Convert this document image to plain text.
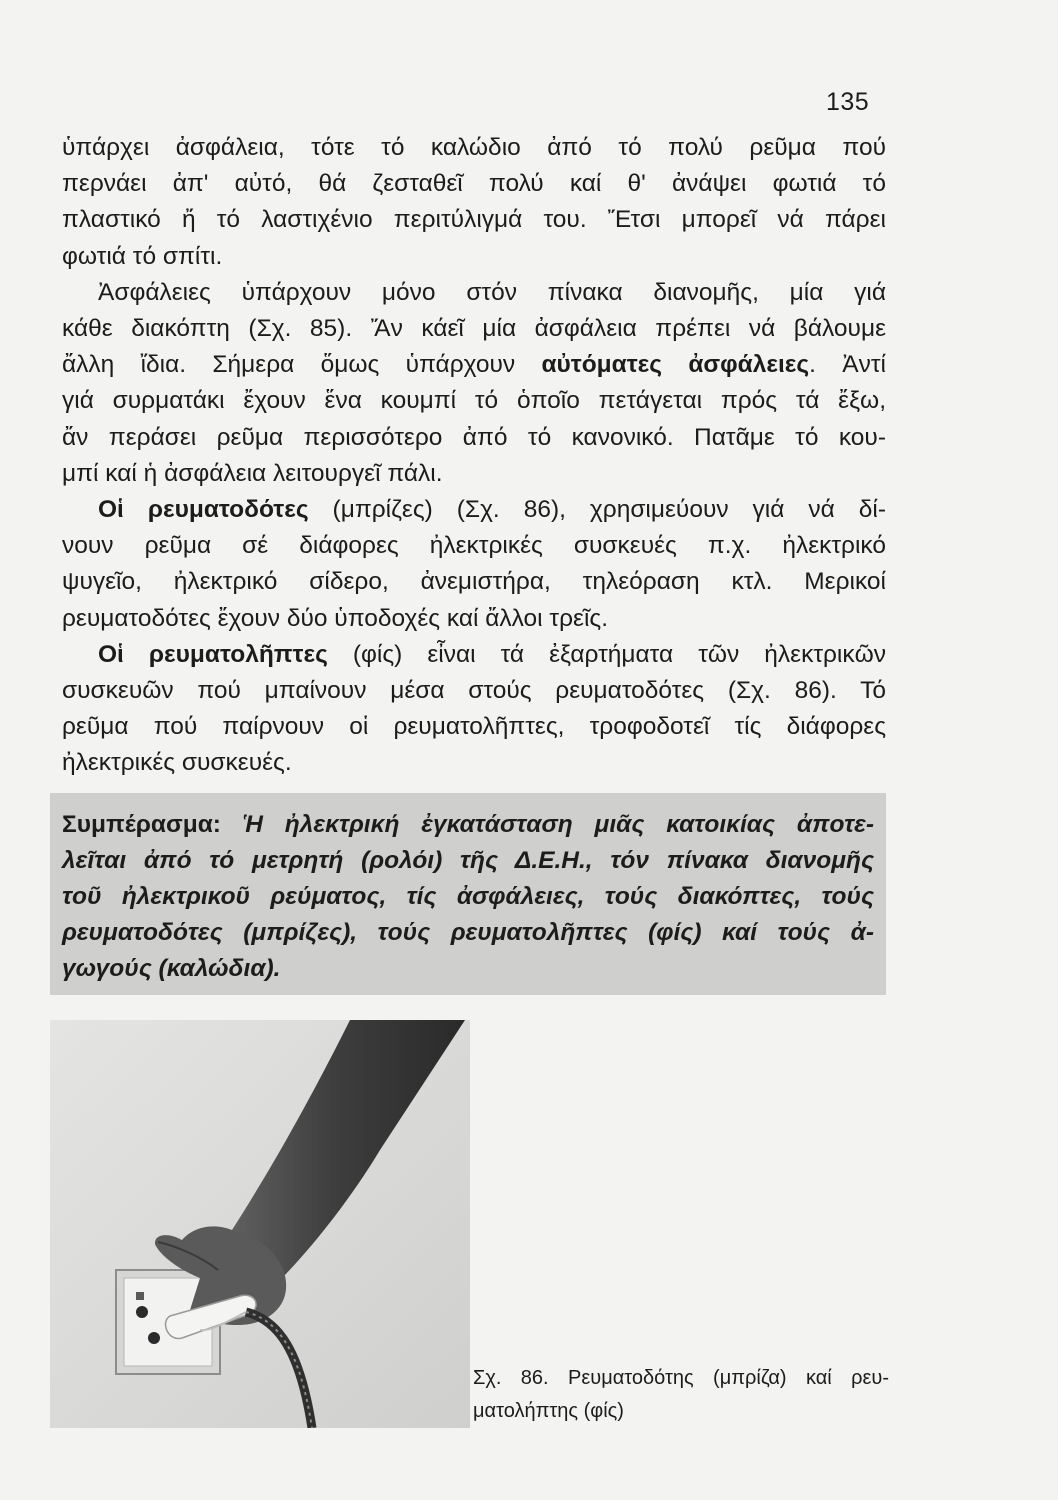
135
ὑπάρχει ἀσφάλεια, τότε τό καλώδιο ἀπό τό πολύ ρεῦμα πού
περνάει ἀπ' αὐτό, θά ζεσταθεῖ πολύ καί θ' ἀνάψει φωτιά τό
πλαστικό ἤ τό λαστιχένιο περιτύλιγμά του. Ἔτσι μπορεῖ νά πάρει
φωτιά τό σπίτι.
Ἀσφάλειες ὑπάρχουν μόνο στόν πίνακα διανομῆς, μία γιά
κάθε διακόπτη (Σχ. 85). Ἄν κάεῖ μία ἀσφάλεια πρέπει νά βάλουμε
ἄλλη ἴδια. Σήμερα ὅμως ὑπάρχουν αὐτόματες ἀσφάλειες. Ἀντί
γιά συρματάκι ἔχουν ἕνα κουμπί τό ὁποῖο πετάγεται πρός τά ἔξω,
ἄν περάσει ρεῦμα περισσότερο ἀπό τό κανονικό. Πατᾶμε τό κου-
μπί καί ἡ ἀσφάλεια λειτουργεῖ πάλι.
Οἱ ρευματοδότες (μπρίζες) (Σχ. 86), χρησιμεύουν γιά νά δί-
νουν ρεῦμα σέ διάφορες ἠλεκτρικές συσκευές π.χ. ἠλεκτρικό
ψυγεῖο, ἠλεκτρικό σίδερο, ἀνεμιστήρα, τηλεόραση κτλ. Μερικοί
ρευματοδότες ἔχουν δύο ὑποδοχές καί ἄλλοι τρεῖς.
Οἱ ρευματολῆπτες (φίς) εἶναι τά ἐξαρτήματα τῶν ἠλεκτρικῶν
συσκευῶν πού μπαίνουν μέσα στούς ρευματοδότες (Σχ. 86). Τό
ρεῦμα πού παίρνουν οἱ ρευματολῆπτες, τροφοδοτεῖ τίς διάφορες
ἠλεκτρικές συσκευές.
Συμπέρασμα: Ἡ ἠλεκτρική ἐγκατάσταση μιᾶς κατοικίας ἀποτε-
λεῖται ἀπό τό μετρητή (ρολόι) τῆς Δ.Ε.Η., τόν πίνακα διανομῆς
τοῦ ἠλεκτρικοῦ ρεύματος, τίς ἀσφάλειες, τούς διακόπτες, τούς
ρευματοδότες (μπρίζες), τούς ρευματολῆπτες (φίς) καί τούς ἀ-
γωγούς (καλώδια).
Σχ. 86. Ρευματοδότης (μπρίζα) καί ρευ-
ματολήπτης (φίς)
